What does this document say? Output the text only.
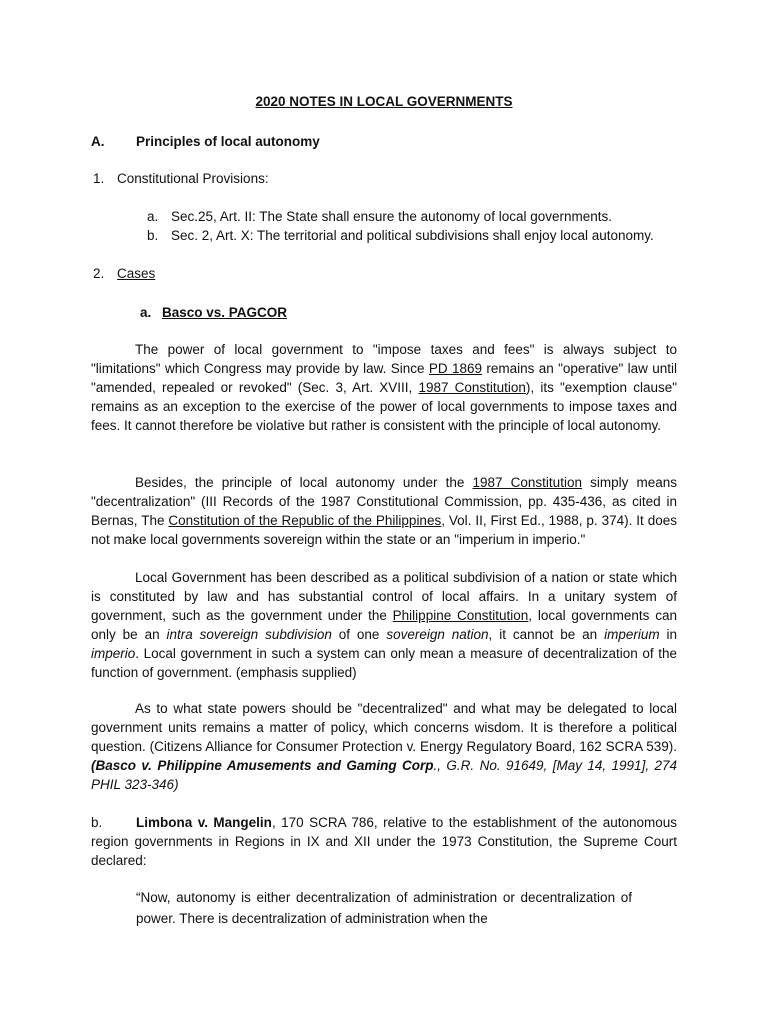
2020 NOTES IN LOCAL GOVERNMENTS
A. Principles of local autonomy
1. Constitutional Provisions:
a. Sec.25, Art. II: The State shall ensure the autonomy of local governments.
b. Sec. 2, Art. X: The territorial and political subdivisions shall enjoy local autonomy.
2. Cases
a. Basco vs. PAGCOR
The power of local government to "impose taxes and fees" is always subject to "limitations" which Congress may provide by law. Since PD 1869 remains an "operative" law until "amended, repealed or revoked" (Sec. 3, Art. XVIII, 1987 Constitution), its "exemption clause" remains as an exception to the exercise of the power of local governments to impose taxes and fees. It cannot therefore be violative but rather is consistent with the principle of local autonomy.
Besides, the principle of local autonomy under the 1987 Constitution simply means "decentralization" (III Records of the 1987 Constitutional Commission, pp. 435-436, as cited in Bernas, The Constitution of the Republic of the Philippines, Vol. II, First Ed., 1988, p. 374). It does not make local governments sovereign within the state or an "imperium in imperio."
Local Government has been described as a political subdivision of a nation or state which is constituted by law and has substantial control of local affairs. In a unitary system of government, such as the government under the Philippine Constitution, local governments can only be an intra sovereign subdivision of one sovereign nation, it cannot be an imperium in imperio. Local government in such a system can only mean a measure of decentralization of the function of government. (emphasis supplied)
As to what state powers should be "decentralized" and what may be delegated to local government units remains a matter of policy, which concerns wisdom. It is therefore a political question. (Citizens Alliance for Consumer Protection v. Energy Regulatory Board, 162 SCRA 539). (Basco v. Philippine Amusements and Gaming Corp., G.R. No. 91649, [May 14, 1991], 274 PHIL 323-346)
b. Limbona v. Mangelin, 170 SCRA 786, relative to the establishment of the autonomous region governments in Regions in IX and XII under the 1973 Constitution, the Supreme Court declared:
“Now, autonomy is either decentralization of administration or decentralization of power. There is decentralization of administration when the
